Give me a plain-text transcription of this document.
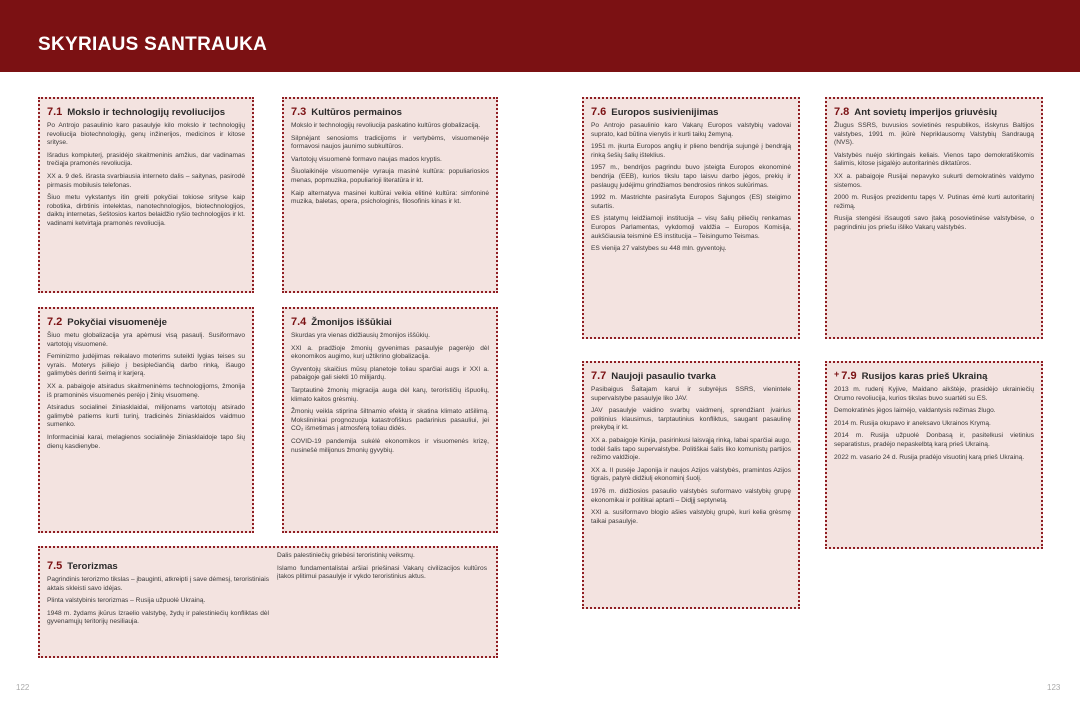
SKYRIAUS SANTRAUKA
7.1 Mokslo ir technologijų revoliucijos

Po Antrojo pasaulinio karo pasaulyje kilo mokslo ir technologijų revoliucija biotechnologijų, genų inžinerijos, medicinos ir kitose srityse.

Išradus kompiuterį, prasidėjo skaitmeninis amžius, dar vadinamas trečiąja pramonės revoliucija.

XX a. 9 deš. išrasta svarbiausia interneto dalis – saitynas, pasirodė pirmasis mobilusis telefonas.

Šiuo metu vykstantys itin greiti pokyčiai tokiose srityse kaip robotika, dirbtinis intelektas, nanotechnologijos, biotechnologijos, daiktų internetas, šeštosios kartos belaidžio ryšio technologijos ir kt. vadinami ketvirtąja pramonės revoliucija.

7.2 Pokyčiai visuomenėje

Šiuo metu globalizacija yra apėmusi visą pasaulį. Susiformavo vartotojų visuomenė.

Feminizmo judėjimas reikalavo moterims suteikti lygias teises su vyrais. Moterys įsiliejo į besiplečiančią darbo rinką, išaugo galimybės derinti šeimą ir karjerą.

XX a. pabaigoje atsiradus skaitmeninėms technologijoms, žmonija iš pramoninės visuomenės perėjo į žinių visuomenę.

Atsiradus socialinei žiniasklaidai, milijonams vartotojų atsirado galimybė patiems kurti turinį, tradicinės žiniasklaidos vaidmuo sumenko.

Informaciniai karai, melagienos socialinėje žiniasklaidoje tapo šių dienų kasdienybe.

7.3 Kultūros permainos

Mokslo ir technologijų revoliucija paskatino kultūros globalizaciją.

Silpnėjant senosioms tradicijoms ir vertybėms, visuomenėje formavosi naujos jaunimo subkultūros.

Vartotojų visuomenė formavo naujas mados kryptis.

Šiuolaikinėje visuomenėje vyrauja masinė kultūra: populiariosios menas, popmuzika, populiarioji literatūra ir kt.

Kaip alternatyva masinei kultūrai veikia elitinė kultūra: simfoninė muzika, baletas, opera, psichologinis, filosofinis kinas ir kt.

7.4 Žmonijos iššūkiai

Skurdas yra vienas didžiausių žmonijos iššūkių.

XXI a. pradžioje žmonių gyvenimas pasaulyje pagerėjo dėl ekonomikos augimo, kurį užtikrino globalizacija.

Gyventojų skaičius mūsų planetoje toliau sparčiai augs ir XXI a. pabaigoje gali siekti 10 milijardų.

Tarptautinė žmonių migracija auga dėl karų, terorističių išpuolių, klimato kaitos grėsmių.

Žmonių veikla stiprina šiltnamio efektą ir skatina klimato atšilimą. Mokslininkai prognozuoja katastrofiškus padarinius pasauliui, jei CO₂ išmetimas į atmosferą toliau didės.

COVID-19 pandemija sukėlė ekonomikos ir visuomenės krizę, nusinešė milijonus žmonių gyvybių.

7.5 Terorizmas

Pagrindinis terorizmo tikslas – įbauginti, atkreipti į save dėmesį, teroristiniais aktais skleisti savo idėjas.

Plinta valstybinis terorizmas – Rusija užpuolė Ukrainą.

1948 m. žydams įkūrus Izraelio valstybę, žydų ir palestiniečių konfliktas dėl gyvenamųjų teritorijų nesiliauja.

Dalis palestiniečių griebėsi teroristinių veiksmų.

Islamo fundamentalistai aršiai priešinasi Vakarų civilizacijos kultūros įtakos plitimui pasaulyje ir vykdo teroristinius aktus.

7.6 Europos susivienijimas

Po Antrojo pasaulinio karo Vakarų Europos valstybių vadovai suprato, kad būtina vienytis ir kurti taikų žemyną.

1951 m. įkurta Europos anglių ir plieno bendrija sujungė į bendrąją rinką šešių šalių išteklius.

1957 m., bendrijos pagrindu buvo įsteigta Europos ekonominė bendrija (EEB), kurios tikslu tapo laisvu darbo jėgos, prekių ir paslaugų judėjimu grindžiamos bendrosios rinkos sukūrimas.

1992 m. Mastrichte pasirašyta Europos Sąjungos (ES) steigimo sutartis.

ES įstatymų leidžiamoji institucija – visų šalių piliečių renkamas Europos Parlamentas, vykdomoji valdžia – Europos Komisija, aukščiausia teisminė ES institucija – Teisingumo Teismas.

ES vienija 27 valstybes su 448 mln. gyventojų.

7.7 Naujoji pasaulio tvarka

Pasibaigus Šaltajam karui ir subyrėjus SSRS, vienintele supervalstybe pasaulyje liko JAV.

JAV pasaulyje vaidino svarbų vaidmenį, sprendžiant įvairius politinius klausimus, tarptautinius konfliktus, saugant pasaulinę prekybą ir kt.

XX a. pabaigoje Kinija, pasirinkusi laisvąją rinką, labai sparčiai augo, todėl šalis tapo supervalstybe. Politiškai šalis liko komunistų partijos režimo valdžioje.

XX a. II pusėje Japonija ir naujos Azijos valstybės, pramintos Azijos tigrais, patyrė didžiulį ekonominį šuolį.

1976 m. didžiosios pasaulio valstybės suformavo valstybių grupę ekonomikai ir politikai aptarti – Didįjį septynetą.

XXI a. susiformavo blogio ašies valstybių grupė, kuri kelia grėsmę taikai pasaulyje.

7.8 Ant sovietų imperijos griuvėsių

Žlugus SSRS, buvusios sovietinės respublikos, išskyrus Baltijos valstybes, 1991 m. įkūrė Nepriklausomų Valstybių Sandraugą (NVS).

Valstybės nuėjo skirtingais keliais. Vienos tapo demokratiškomis šalimis, kitose įsigalėjo autoritarinės diktatūros.

XX a. pabaigoje Rusijai nepavyko sukurti demokratinės valdymo sistemos.

2000 m. Rusijos prezidentu tapęs V. Putinas ėmė kurti autoritarinį režimą.

Rusija stengėsi išsaugoti savo įtaką posovietinėse valstybėse, o pagrindiniu jos priešu išliko Vakarų valstybės.

+ 7.9 Rusijos karas prieš Ukrainą

2013 m. rudenį Kyjive, Maidano aikštėje, prasidėjo ukrainiečių Orumo revoliucija, kurios tikslas buvo suartėti su ES.

Demokratinės jėgos laimėjo, valdantysis režimas žlugo.

2014 m. Rusija okupavo ir aneksavo Ukrainos Krymą.

2014 m. Rusija užpuolė Donbasą ir, pasitelkusi vietinius separatistus, pradėjo nepaskelbtą karą prieš Ukrainą.

2022 m. vasario 24 d. Rusija pradėjo visuotinį karą prieš Ukrainą.

122	123
